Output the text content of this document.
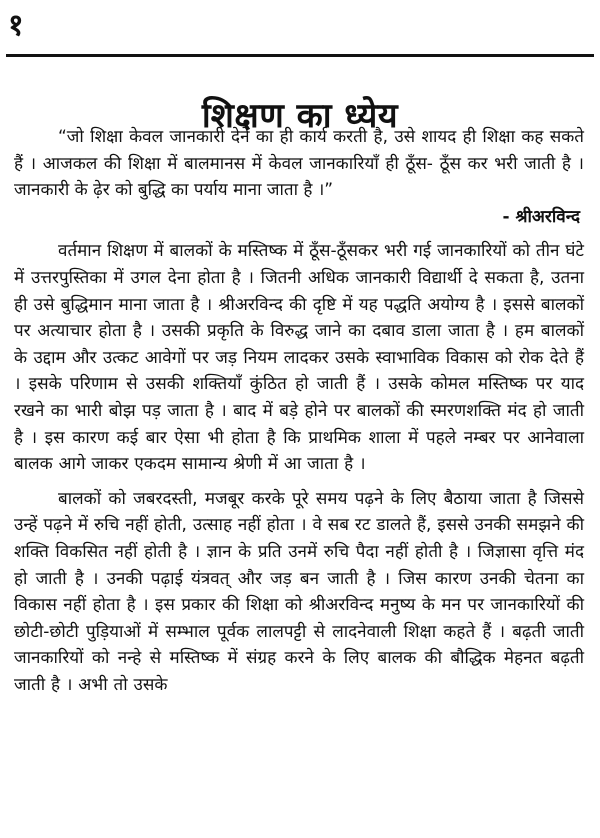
१
शिक्षण का ध्येय

“जो शिक्षा केवल जानकारी देने का ही कार्य करती है, उसे शायद ही शिक्षा कह सकते हैं । आजकल की शिक्षा में बालमानस में केवल जानकारियाँ ही ठूँस- ठूँस कर भरी जाती है । जानकारी के ढ़ेर को बुद्धि का पर्याय माना जाता है ।”

- श्रीअरविन्द

वर्तमान शिक्षण में बालकों के मस्तिष्क में ठूँस-ठूँसकर भरी गई जानकारियों को तीन घंटे में उत्तरपुस्तिका में उगल देना होता है । जितनी अधिक जानकारी विद्यार्थी दे सकता है, उतना ही उसे बुद्धिमान माना जाता है । श्रीअरविन्द की दृष्टि में यह पद्धति अयोग्य है । इससे बालकों पर अत्याचार होता है । उसकी प्रकृति के विरुद्ध जाने का दबाव डाला जाता है । हम बालकों के उद्दाम और उत्कट आवेगों पर जड़ नियम लादकर उसके स्वाभाविक विकास को रोक देते हैं । इसके परिणाम से उसकी शक्तियाँ कुंठित हो जाती हैं । उसके कोमल मस्तिष्क पर याद रखने का भारी बोझ पड़ जाता है । बाद में बड़े होने पर बालकों की स्मरणशक्ति मंद हो जाती है । इस कारण कई बार ऐसा भी होता है कि प्राथमिक शाला में पहले नम्बर पर आनेवाला बालक आगे जाकर एकदम सामान्य श्रेणी में आ जाता है ।

बालकों को जबरदस्ती, मजबूर करके पूरे समय पढ़ने के लिए बैठाया जाता है जिससे उन्हें पढ़ने में रुचि नहीं होती, उत्साह नहीं होता । वे सब रट डालते हैं, इससे उनकी समझने की शक्ति विकसित नहीं होती है । ज्ञान के प्रति उनमें रुचि पैदा नहीं होती है । जिज्ञासा वृत्ति मंद हो जाती है । उनकी पढ़ाई यंत्रवत् और जड़ बन जाती है । जिस कारण उनकी चेतना का विकास नहीं होता है । इस प्रकार की शिक्षा को श्रीअरविन्द मनुष्य के मन पर जानकारियों की छोटी-छोटी पुड़ियाओं में सम्भाल पूर्वक लालपट्टी से लादनेवाली शिक्षा कहते हैं । बढ़ती जाती जानकारियों को नन्हे से मस्तिष्क में संग्रह करने के लिए बालक की बौद्धिक मेहनत बढ़ती जाती है । अभी तो उसके
